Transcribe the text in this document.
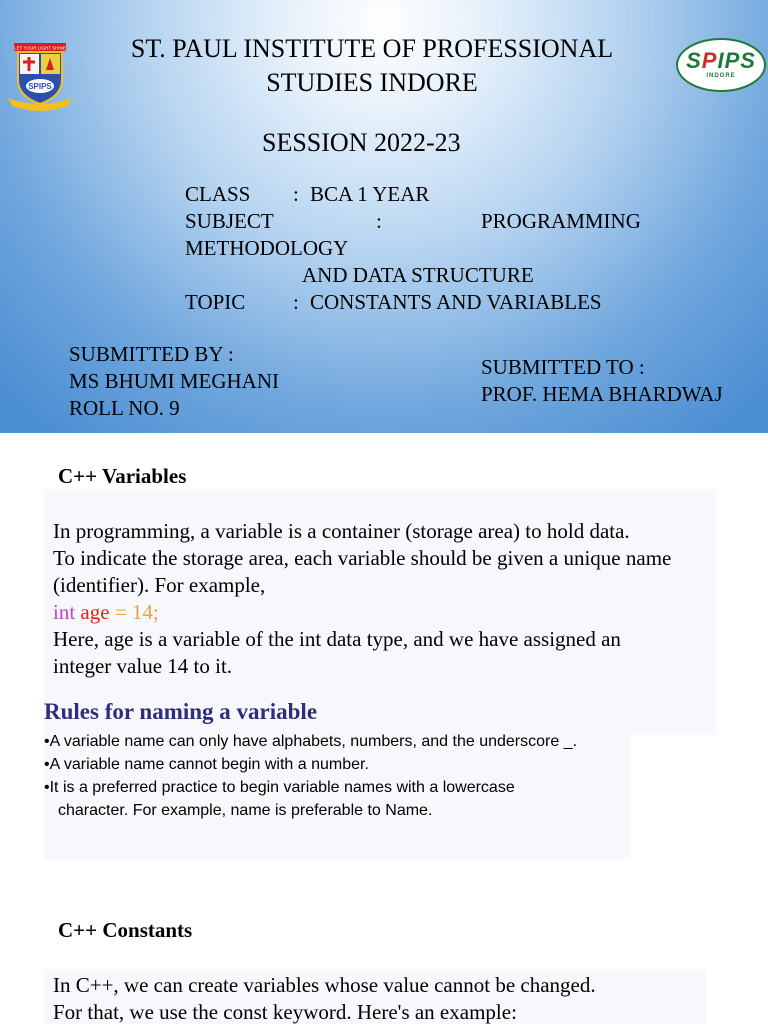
LET YOUR LIGHT SHINE
SPIPS
ST. PAUL INSTITUTE OF PROFESSIONAL
STUDIES INDORE
SPIPS
INDORE
SESSION 2022-23
CLASS : BCA 1 YEAR
SUBJECT	:	PROGRAMMING
METHODOLOGY
AND DATA STRUCTURE
TOPIC : CONSTANTS AND VARIABLES
SUBMITTED BY :
MS BHUMI MEGHANI
ROLL NO. 9
SUBMITTED TO :
PROF. HEMA BHARDWAJ
C++ Variables
In programming, a variable is a container (storage area) to hold data.
To indicate the storage area, each variable should be given a unique name
(identifier). For example,
int age = 14;
Here, age is a variable of the int data type, and we have assigned an
integer value 14 to it.
Rules for naming a variable
•A variable name can only have alphabets, numbers, and the underscore _.
•A variable name cannot begin with a number.
•It is a preferred practice to begin variable names with a lowercase
character. For example, name is preferable to Name.
C++ Constants
In C++, we can create variables whose value cannot be changed.
For that, we use the const keyword. Here's an example:
